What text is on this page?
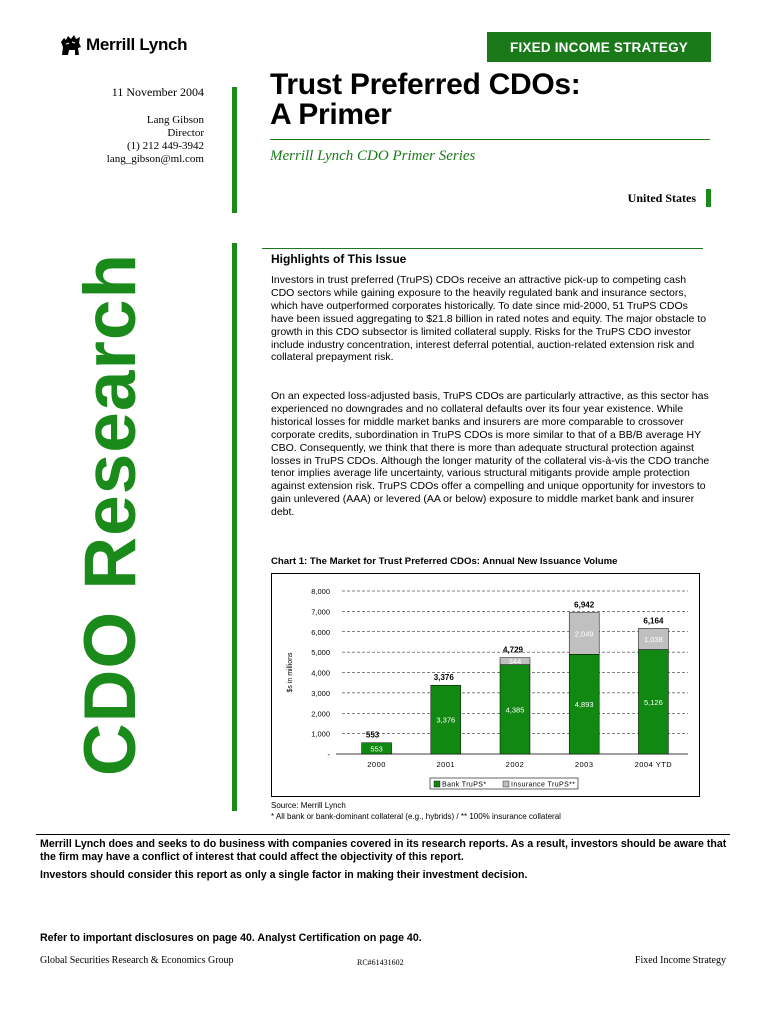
Merrill Lynch	FIXED INCOME STRATEGY
11 November 2004
Lang Gibson
Director
(1) 212 449-3942
lang_gibson@ml.com
Trust Preferred CDOs:
A Primer
Merrill Lynch CDO Primer Series
United States
CDO Research	Highlights of This Issue

Investors in trust preferred (TruPS) CDOs receive an attractive pick-up to competing cash CDO sectors while gaining exposure to the heavily regulated bank and insurance sectors, which have outperformed corporates historically. To date since mid-2000, 51 TruPS CDOs have been issued aggregating to $21.8 billion in rated notes and equity. The major obstacle to growth in this CDO subsector is limited collateral supply. Risks for the TruPS CDO investor include industry concentration, interest deferral potential, auction-related extension risk and collateral prepayment risk.

On an expected loss-adjusted basis, TruPS CDOs are particularly attractive, as this sector has experienced no downgrades and no collateral defaults over its four year existence. While historical losses for middle market banks and insurers are more comparable to crossover corporate credits, subordination in TruPS CDOs is more similar to that of a BB/B average HY CBO. Consequently, we think that there is more than adequate structural protection against losses in TruPS CDOs. Although the longer maturity of the collateral vis-à-vis the CDO tranche tenor implies average life uncertainty, various structural mitigants provide ample protection against extension risk. TruPS CDOs offer a compelling and unique opportunity for investors to gain unlevered (AAA) or levered (AA or below) exposure to middle market bank and insurer debt.

Chart 1: The Market for Trust Preferred CDOs: Annual New Issuance Volume
-
1,000
2,000
3,000
4,000
5,000
6,000
7,000
8,000
$s in millions
553
553
2000
3,376
3,376
2001
4,385
344
4,729
2002
4,893
2,049
6,942
2003
5,126
1,038
6,164
2004 YTD
Bank TruPS*	Insurance TruPS**
Source: Merrill Lynch
* All bank or bank-dominant collateral (e.g., hybrids) / ** 100% insurance collateral

Merrill Lynch does and seeks to do business with companies covered in its research reports. As a result, investors should be aware that the firm may have a conflict of interest that could affect the objectivity of this report.

Investors should consider this report as only a single factor in making their investment decision.

Refer to important disclosures on page 40. Analyst Certification on page 40.

Global Securities Research & Economics Group	RC#61431602	Fixed Income Strategy
